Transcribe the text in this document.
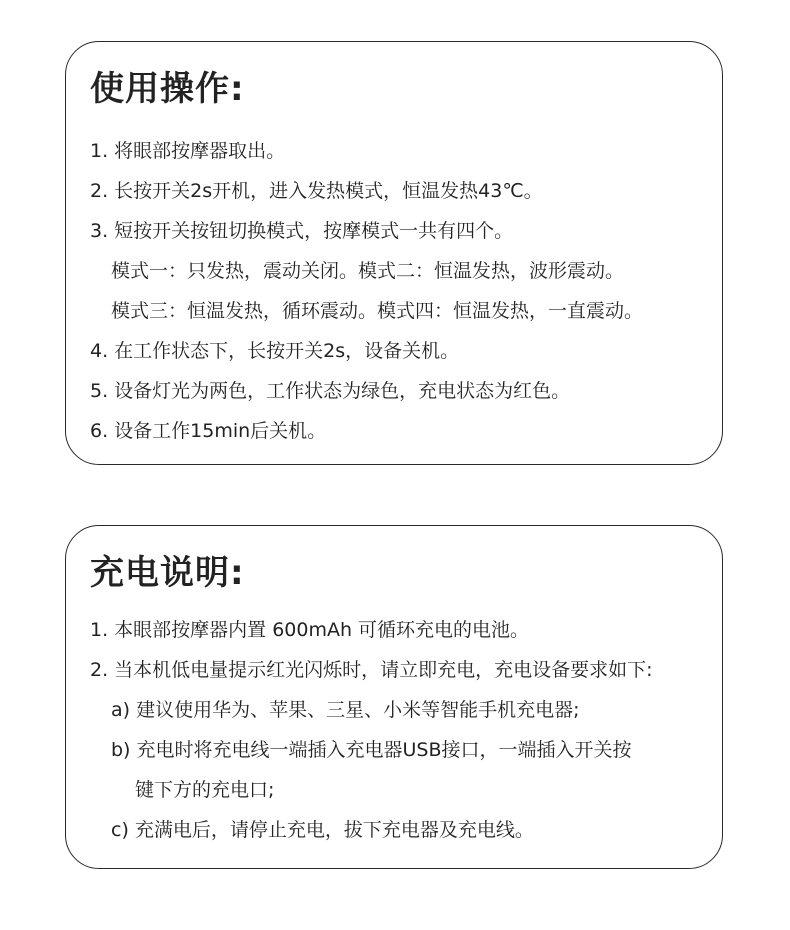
使用操作:
1. 将眼部按摩器取出。
2. 长按开关2s开机，进入发热模式，恒温发热43℃。
3. 短按开关按钮切换模式，按摩模式一共有四个。
模式一：只发热，震动关闭。模式二：恒温发热，波形震动。
模式三：恒温发热，循环震动。模式四：恒温发热，一直震动。
4. 在工作状态下，长按开关2s，设备关机。
5. 设备灯光为两色，工作状态为绿色，充电状态为红色。
6. 设备工作15min后关机。
充电说明:
1. 本眼部按摩器内置 600mAh 可循环充电的电池。
2. 当本机低电量提示红光闪烁时，请立即充电，充电设备要求如下:
a) 建议使用华为、苹果、三星、小米等智能手机充电器;
b) 充电时将充电线一端插入充电器USB接口，一端插入开关按
键下方的充电口;
c) 充满电后，请停止充电，拔下充电器及充电线。
